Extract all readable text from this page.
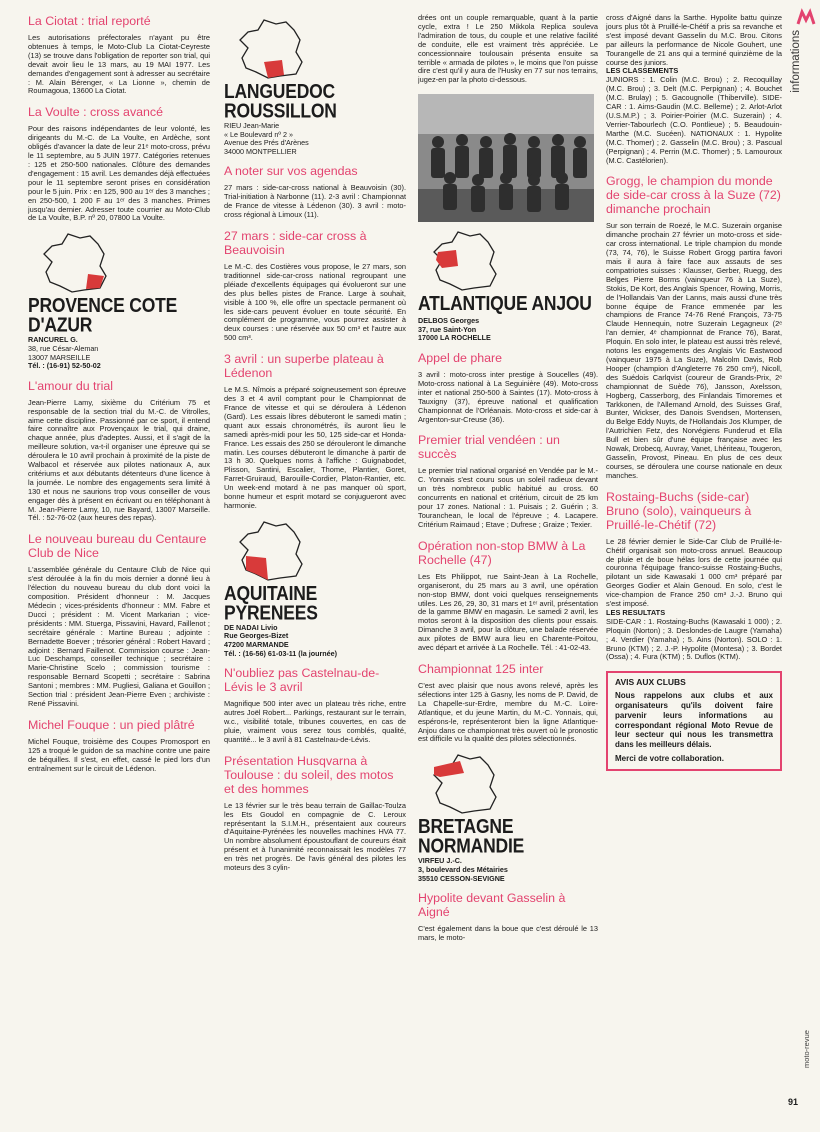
La Ciotat : trial reporté

Les autorisations préfectorales n'ayant pu être obtenues à temps, le Moto-Club La Ciotat-Ceyreste (13) se trouve dans l'obligation de reporter son trial, qui devait avoir lieu le 13 mars, au 19 MAI 1977. Les demandes d'engagement sont à adresser au secrétaire : M. Alain Bérenger, « La Lionne », chemin de Roumagoua, 13600 La Ciotat.

La Voulte : cross avancé

Pour des raisons indépendantes de leur volonté, les dirigeants du M.-C. de La Voulte, en Ardèche, sont obligés d'avancer la date de leur 21ᵉ moto-cross, prévu le 11 septembre, au 5 JUIN 1977. Catégories retenues : 125 et 250-500 nationales. Clôture des demandes d'engagement : 15 avril. Les demandes déjà effectuées pour le 11 septembre seront prises en considération pour le 5 juin. Prix : en 125, 900 au 1ᵉʳ des 3 manches ; en 250-500, 1 200 F au 1ᵉʳ des 3 manches. Primes jusqu'au dernier. Adresser toute courrier au Moto-Club de La Voulte, B.P. nº 20, 07800 La Voulte.

PROVENCE COTE D'AZUR
RANCUREL G.
38, rue César-Aleman
13007 MARSEILLE
Tél. : (16-91) 52-50-02
L'amour du trial

Jean-Pierre Lamy, sixième du Critérium 75 et responsable de la section trial du M.-C. de Vitrolles, aime cette discipline. Passionné par ce sport, il entend faire connaître aux Provençaux le trial, qui draine, chaque année, plus d'adeptes. Aussi, et il s'agit de la meilleure solution, va-t-il organiser une épreuve qui se déroulera le 10 avril prochain à proximité de la piste de Walbacol et réservée aux pilotes nationaux A, aux critériums et aux débutants détenteurs d'une licence à la journée. Le nombre des engagements sera limité à 130 et nous ne saurions trop vous conseiller de vous engager dès à présent en écrivant ou en téléphonant à M. Jean-Pierre Lamy, 10, rue Bayard, 13007 Marseille. Tél. : 52-76-02 (aux heures des repas).

Le nouveau bureau du Centaure Club de Nice

L'assemblée générale du Centaure Club de Nice qui s'est déroulée à la fin du mois dernier a donné lieu à l'élection du nouveau bureau du club dont voici la composition. Président d'honneur : M. Jacques Médecin ; vices-présidents d'honneur : MM. Fabre et Ducci ; président : M. Vicent Markarian ; vice-présidents : MM. Stuerga, Pissavini, Havard, Faillenot ; secrétaire générale : Martine Bureau ; adjointe : Bernadette Boever ; trésorier général : Robert Havard ; adjoint : Bernard Faillenot. Commission course : Jean-Luc Deschamps, conseiller technique ; secrétaire : Marie-Christine Scelo ; commission tourisme : responsable Bernard Scopetti ; secrétaire : Sabrina Santoni ; membres : MM. Pugliesi, Galiana et Gouillon ; Section trial : président Jean-Pierre Even ; archiviste : René Pissavini.

Michel Fouque : un pied plâtré

Michel Fouque, troisième des Coupes Promosport en 125 a troqué le guidon de sa machine contre une paire de béquilles. Il s'est, en effet, cassé le pied lors d'un entraînement sur le circuit de Lédenon.

LANGUEDOC ROUSSILLON
RIEU Jean-Marie
« Le Boulevard nº 2 »
Avenue des Prés d'Arènes
34000 MONTPELLIER
A noter sur vos agendas

27 mars : side-car-cross national à Beauvoisin (30). Trial-initiation à Narbonne (11). 2-3 avril : Championnat de France de vitesse à Lédenon (30). 3 avril : moto-cross régional à Limoux (11).

27 mars : side-car cross à Beauvoisin

Le M.-C. des Costières vous propose, le 27 mars, son traditionnel side-car-cross national regroupant une pléiade d'excellents équipages qui évolueront sur une des plus belles pistes de France. Large à souhait, visible à 100 %, elle offre un spectacle permanent où les side-cars peuvent évoluer en toute sécurité. En complément de programme, vous pourrez assister à deux courses : une réservée aux 50 cm³ et l'autre aux 500 cm³.

3 avril : un superbe plateau à Lédenon

Le M.S. Nîmois a préparé soigneusement son épreuve des 3 et 4 avril comptant pour le Championnat de France de vitesse et qui se déroulera à Lédenon (Gard). Les essais libres débuteront le samedi matin ; quant aux essais chronométrés, ils auront lieu le samedi après-midi pour les 50, 125 side-car et Honda-France. Les essais des 250 se dérouleront le dimanche matin. Les courses débuteront le dimanche à partir de 13 h 30. Quelques noms à l'affiche : Guignabodet, Plisson, Santini, Escalier, Thome, Plantier, Goret, Farret-Gruiraud, Barouille-Cordier, Platon-Rantier, etc. Un week-end motard à ne pas manquer où sport, bonne humeur et esprit motard se conjugueront avec harmonie.

AQUITAINE PYRENEES
DE NADAI Livio
Rue Georges-Bizet
47200 MARMANDE
Tél. : (16-56) 61-03-11 (la journée)
N'oubliez pas Castelnau-de-Lévis le 3 avril

Magnifique 500 inter avec un plateau très riche, entre autres Joël Robert... Parkings, restaurant sur le terrain, w.c., visibilité totale, tribunes couvertes, en cas de pluie, vraiment vous serez tous comblés, qualité, quantité... le 3 avril à 81 Castelnau-de-Lévis.

Présentation Husqvarna à Toulouse : du soleil, des motos et des hommes

Le 13 février sur le très beau terrain de Gaillac-Toulza les Ets Goudol en compagnie de C. Leroux représentant la S.I.M.H., présentaient aux coureurs d'Aquitaine-Pyrénées les nouvelles machines HVA 77. Un nombre absolument époustouflant de coureurs était présent et à l'unanimité reconnaissait les modèles 77 en très net progrès. De l'avis général des pilotes les moteurs des 3 cylin-

drées ont un couple remarquable, quant à la partie cycle, extra ! Le 250 Mikkola Replica souleva l'admiration de tous, du couple et une relative facilité de conduite, elle est vraiment très appréciée. Le concessionnaire toulousain présenta ensuite sa terrible « armada de pilotes », le moins que l'on puisse dire c'est qu'il y aura de l'Husky en 77 sur nos terrains, jugez-en par la photo ci-dessous.

ATLANTIQUE ANJOU
DELBOS Georges
37, rue Saint-Yon
17000 LA ROCHELLE
Appel de phare

3 avril : moto-cross inter prestige à Soucelles (49). Moto-cross national à La Seguinière (49). Moto-cross inter et national 250-500 à Saintes (17). Moto-cross à Tauxigny (37), épreuve national et qualification Championnat de l'Orléanais. Moto-cross et side-car à Argenton-sur-Creuse (36).

Premier trial vendéen : un succès

Le premier trial national organisé en Vendée par le M.-C. Yonnais s'est couru sous un soleil radieux devant un très nombreux public habitué au cross. 60 concurrents en national et critérium, circuit de 25 km pour 17 zones. National : 1. Puisais ; 2. Guérin ; 3. Touranchean, le local de l'épreuve ; 4. Lacapere. Critérium Raimaud ; Etave ; Dufrese ; Graize ; Texier.

Opération non-stop BMW à La Rochelle (47)

Les Ets Philippot, rue Saint-Jean à La Rochelle, organiseront, du 25 mars au 3 avril, une opération non-stop BMW, dont voici quelques renseignements utiles. Les 26, 29, 30, 31 mars et 1ᵉʳ avril, présentation de la gamme BMW en magasin. Le samedi 2 avril, les motos seront à la disposition des clients pour essais. Dimanche 3 avril, pour la clôture, une balade réservée aux pilotes de BMW aura lieu en Charente-Poitou, avec départ et arrivée à La Rochelle. Tél. : 41-02-43.

Championnat 125 inter

C'est avec plaisir que nous avons relevé, après les sélections inter 125 à Gasny, les noms de P. David, de La Chapelle-sur-Erdre, membre du M.-C. Loire-Atlantique, et du jeune Martin, du M.-C. Yonnais, qui, espérons-le, représenteront bien la ligne Atlantique-Anjou dans ce championnat très ouvert où le pronostic est difficile vu la qualité des pilotes sélectionnés.

BRETAGNE NORMANDIE
VIRFEU J.-C.
3, boulevard des Métairies
35510 CESSON-SEVIGNE
Hypolite devant Gasselin à Aigné

C'est également dans la boue que c'est déroulé le 13 mars, le moto-

cross d'Aigné dans la Sarthe. Hypolite battu quinze jours plus tôt à Pruillé-le-Chétif a pris sa revanche et s'est imposé devant Gasselin du M.C. Brou. Citons par ailleurs la performance de Nicole Gouhert, une Tourangelle de 21 ans qui a terminé quinzième de la course des juniors.

LES CLASSEMENTS

JUNIORS : 1. Colin (M.C. Brou) ; 2. Recoquillay (M.C. Brou) ; 3. Delt (M.C. Perpignan) ; 4. Bouchet (M.C. Brulay) ; 5. Gacougnolle (Thiberville). SIDE-CAR : 1. Aims-Gaudin (M.C. Belleme) ; 2. Arlot-Arlot (U.S.M.P.) ; 3. Poirier-Poirier (M.C. Suzerain) ; 4. Verrier-Tabourlech (C.O. Pontlieue) ; 5. Beaudouin-Marthe (M.C. Sucéen). NATIONAUX : 1. Hypolite (M.C. Thomer) ; 2. Gasselin (M.C. Brou) ; 3. Pascual (Perpignan) ; 4. Perrin (M.C. Thomer) ; 5. Lamouroux (M.C. Castélorien).

Grogg, le champion du monde de side-car cross à la Suze (72) dimanche prochain

Sur son terrain de Roezé, le M.C. Suzerain organise dimanche prochain 27 février un moto-cross et side-car cross international. Le triple champion du monde (73, 74, 76), le Suisse Robert Grogg partira favori mais il aura à faire face aux assauts de ses compatriotes suisses : Klausser, Gerber, Ruegg, des Belges Pierre Borms (vainqueur 76 à La Suze), Stokis, De Kort, des Anglais Spencer, Rowing, Morris, de l'Hollandais Van der Lanns, mais aussi d'une très bonne équipe de France emmenée par les champions de France 74-76 René François, 73-75 Claude Hennequin, notre Suzerain Legagneux (2ᵉ l'an dernier, 4ᵉ championnat de France 76), Barat, Ploquin. En solo inter, le plateau est aussi très relevé, notons les engagements des Anglais Vic Eastwood (vainqueur 1975 à La Suze), Malcolm Davis, Rob Hooper (champion d'Angleterre 76 250 cm³), Nicoll, des Suédois Carlqvist (coureur de Grands-Prix, 2ᵉ championnat de Suède 76), Jansson, Axelsson, Hogberg, Casserborg, des Finlandais Timoremes et Tarkkonen, de l'Allemand Arnold, des Suisses Graf, Bunter, Wickser, des Danois Svendsen, Mortensen, du Belge Eddy Nuyts, de l'Hollandais Jos Klumper, de l'Autrichien Fetz, des Norvégiens Funderud et Ella Bull et bien sûr d'une équipe française avec les Nowak, Drobecq, Auvray, Vanet, Lhériteau, Tougeron, Gasselin, Provost, Pineau. En plus de ces deux courses, se déroulera une course nationale en deux manches.

Rostaing-Buchs (side-car) Bruno (solo), vainqueurs à Pruillé-le-Chétif (72)

Le 28 février dernier le Side-Car Club de Pruillé-le-Chétif organisait son moto-cross annuel. Beaucoup de pluie et de boue hélas lors de cette journée qui couronna l'équipage franco-suisse Rostaing-Buchs, pilotant un side Kawasaki 1 000 cm³ préparé par Georges Godier et Alain Genoud. En solo, c'est le vice-champion de France 250 cm³ J.-J. Bruno qui s'est imposé.

LES RESULTATS

SIDE-CAR : 1. Rostaing-Buchs (Kawasaki 1 000) ; 2. Ploquin (Norton) ; 3. Deslondes-de Laugre (Yamaha) ; 4. Verdier (Yamaha) ; 5. Ains (Norton). SOLO : 1. Bruno (KTM) ; 2. J.-P. Hypolite (Montesa) ; 3. Bordet (Ossa) ; 4. Fura (KTM) ; 5. Duflos (KTM).

AVIS AUX CLUBS

Nous rappelons aux clubs et aux organisateurs qu'ils doivent faire parvenir leurs informations au correspondant régional Moto Revue de leur secteur qui nous les transmettra dans les meilleurs délais.

Merci de votre collaboration.

informations
moto-revue
91
